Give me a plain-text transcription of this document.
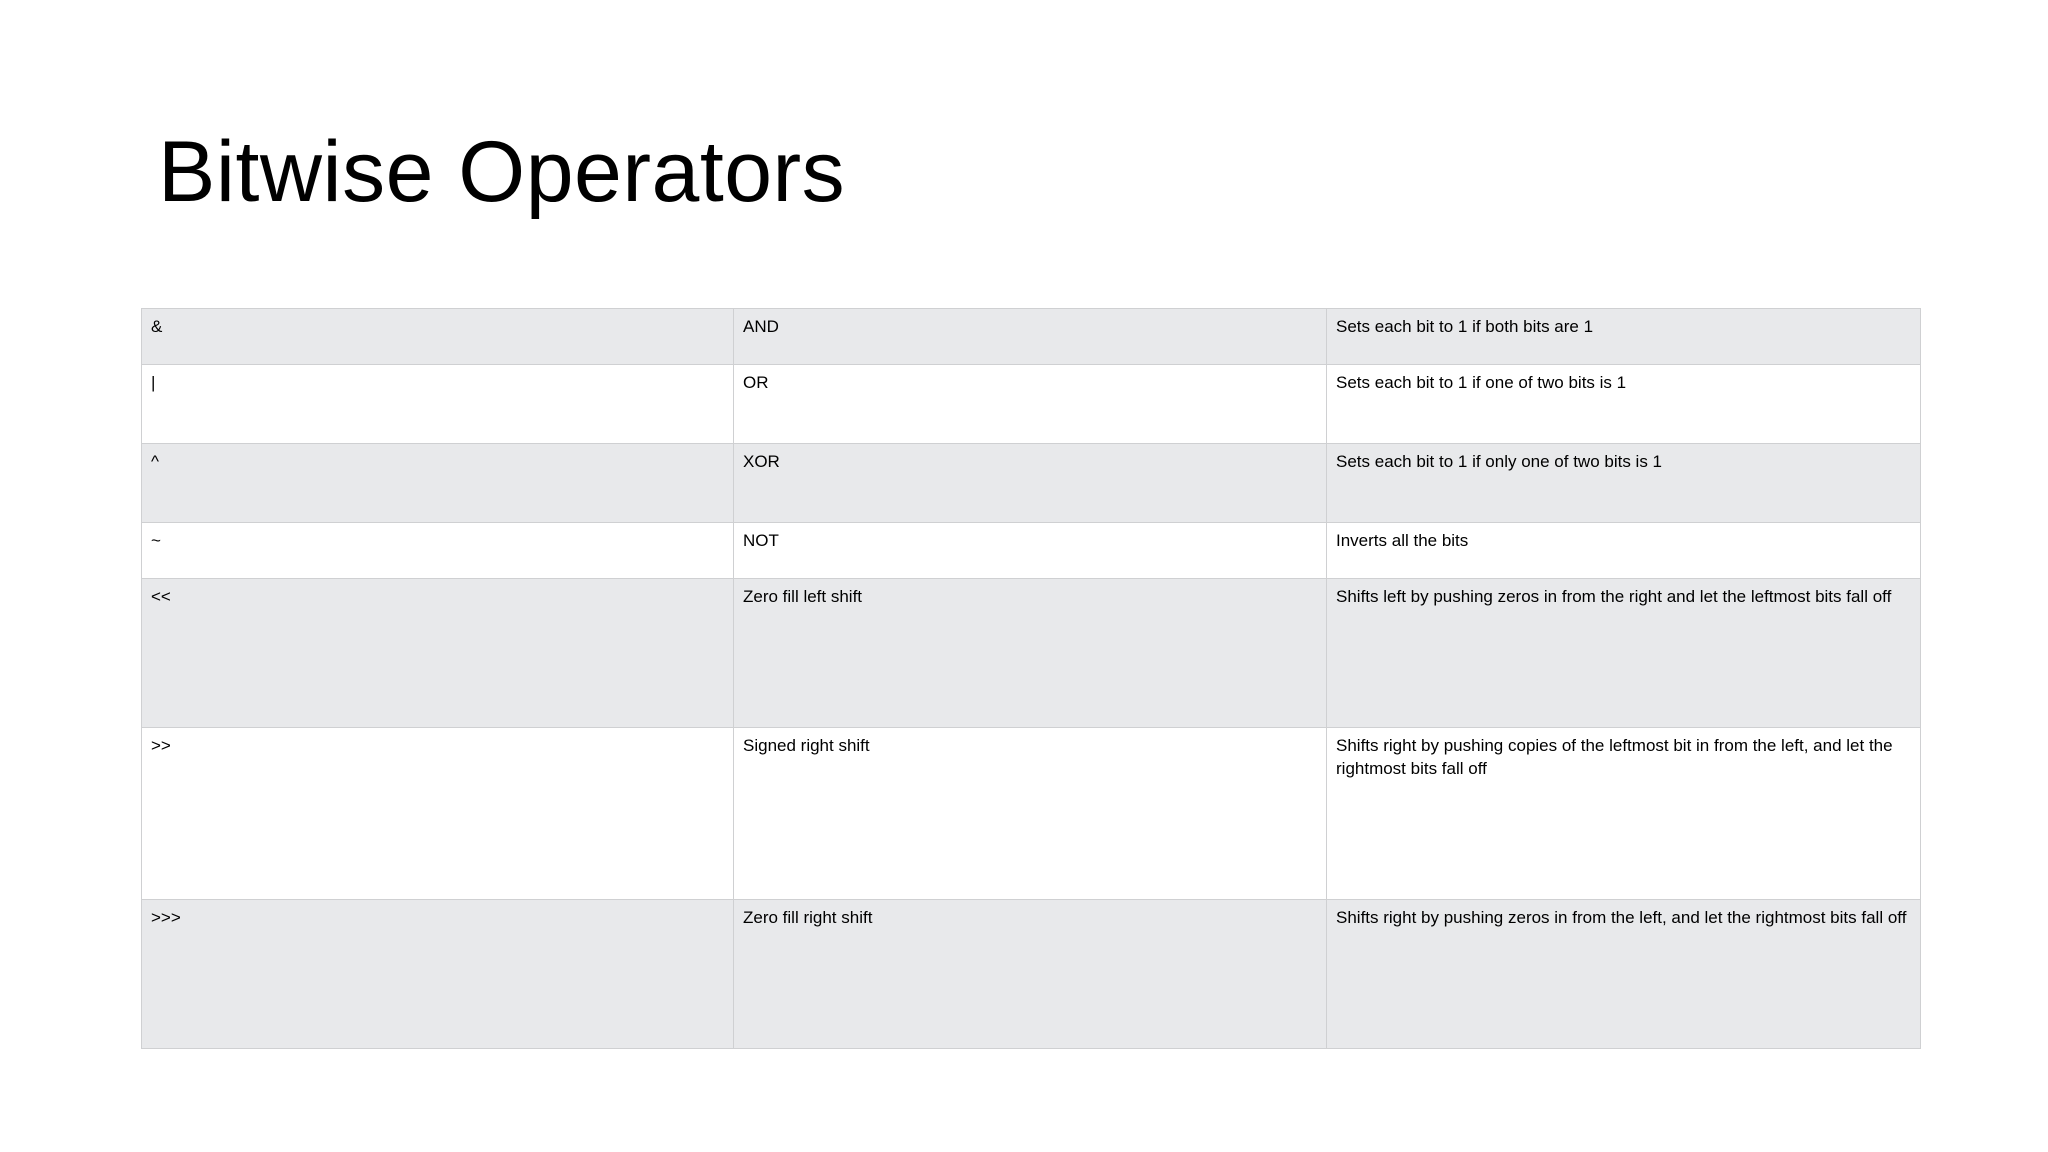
Bitwise Operators
&	AND	Sets each bit to 1 if both bits are 1
|	OR	Sets each bit to 1 if one of two bits is 1
^	XOR	Sets each bit to 1 if only one of two bits is 1
~	NOT	Inverts all the bits
<<	Zero fill left shift	Shifts left by pushing zeros in from the right and let the leftmost bits fall off
>>	Signed right shift	Shifts right by pushing copies of the leftmost bit in from the left, and let the rightmost bits fall off
>>>	Zero fill right shift	Shifts right by pushing zeros in from the left, and let the rightmost bits fall off
